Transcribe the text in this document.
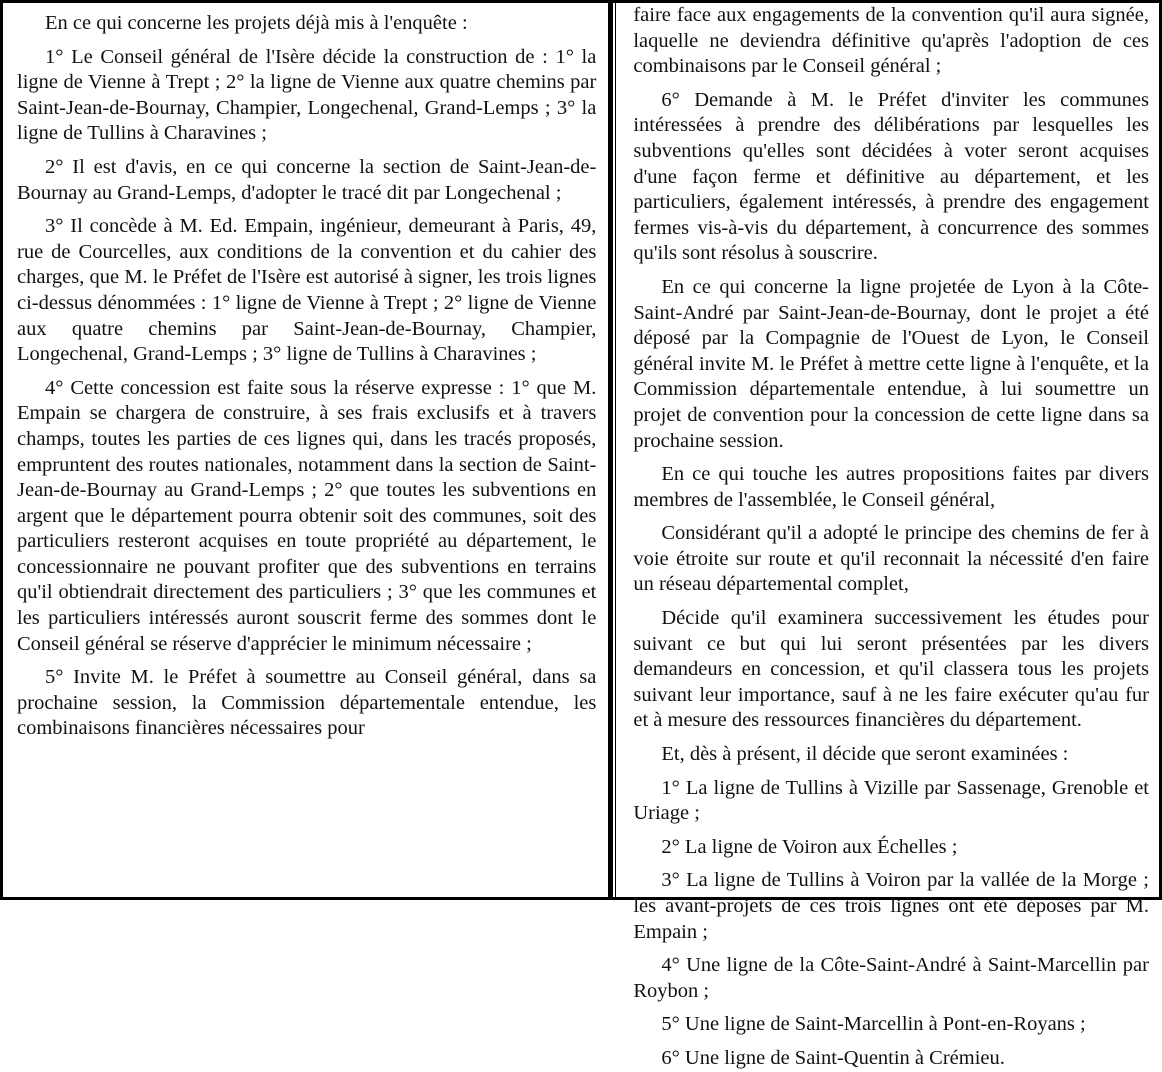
En ce qui concerne les projets déjà mis à l'enquête :

1° Le Conseil général de l'Isère décide la construction de : 1° la ligne de Vienne à Trept ; 2° la ligne de Vienne aux quatre chemins par Saint-Jean-de-Bournay, Champier, Longechenal, Grand-Lemps ; 3° la ligne de Tullins à Charavines ;

2° Il est d'avis, en ce qui concerne la section de Saint-Jean-de-Bournay au Grand-Lemps, d'adopter le tracé dit par Longechenal ;

3° Il concède à M. Ed. Empain, ingénieur, demeurant à Paris, 49, rue de Courcelles, aux conditions de la convention et du cahier des charges, que M. le Préfet de l'Isère est autorisé à signer, les trois lignes ci-dessus dénommées : 1° ligne de Vienne à Trept ; 2° ligne de Vienne aux quatre chemins par Saint-Jean-de-Bournay, Champier, Longechenal, Grand-Lemps ; 3° ligne de Tullins à Charavines ;

4° Cette concession est faite sous la réserve expresse : 1° que M. Empain se chargera de construire, à ses frais exclusifs et à travers champs, toutes les parties de ces lignes qui, dans les tracés proposés, empruntent des routes nationales, notamment dans la section de Saint-Jean-de-Bournay au Grand-Lemps ; 2° que toutes les subventions en argent que le département pourra obtenir soit des communes, soit des particuliers resteront acquises en toute propriété au département, le concessionnaire ne pouvant profiter que des subventions en terrains qu'il obtiendrait directement des particuliers ; 3° que les communes et les particuliers intéressés auront souscrit ferme des sommes dont le Conseil général se réserve d'apprécier le minimum nécessaire ;

5° Invite M. le Préfet à soumettre au Conseil général, dans sa prochaine session, la Commission départementale entendue, les combinaisons financières nécessaires pour

faire face aux engagements de la convention qu'il aura signée, laquelle ne deviendra définitive qu'après l'adoption de ces combinaisons par le Conseil général ;

6° Demande à M. le Préfet d'inviter les communes intéressées à prendre des délibérations par lesquelles les subventions qu'elles sont décidées à voter seront acquises d'une façon ferme et définitive au département, et les particuliers, également intéressés, à prendre des engagement fermes vis-à-vis du département, à concurrence des sommes qu'ils sont résolus à souscrire.

En ce qui concerne la ligne projetée de Lyon à la Côte-Saint-André par Saint-Jean-de-Bournay, dont le projet a été déposé par la Compagnie de l'Ouest de Lyon, le Conseil général invite M. le Préfet à mettre cette ligne à l'enquête, et la Commission départementale entendue, à lui soumettre un projet de convention pour la concession de cette ligne dans sa prochaine session.

En ce qui touche les autres propositions faites par divers membres de l'assemblée, le Conseil général,

Considérant qu'il a adopté le principe des chemins de fer à voie étroite sur route et qu'il reconnait la nécessité d'en faire un réseau départemental complet,

Décide qu'il examinera successivement les études pour suivant ce but qui lui seront présentées par les divers demandeurs en concession, et qu'il classera tous les projets suivant leur importance, sauf à ne les faire exécuter qu'au fur et à mesure des ressources financières du département.

Et, dès à présent, il décide que seront examinées :

1° La ligne de Tullins à Vizille par Sassenage, Grenoble et Uriage ;

2° La ligne de Voiron aux Échelles ;

3° La ligne de Tullins à Voiron par la vallée de la Morge ; les avant-projets de ces trois lignes ont été déposés par M. Empain ;

4° Une ligne de la Côte-Saint-André à Saint-Marcellin par Roybon ;

5° Une ligne de Saint-Marcellin à Pont-en-Royans ;

6° Une ligne de Saint-Quentin à Crémieu.
